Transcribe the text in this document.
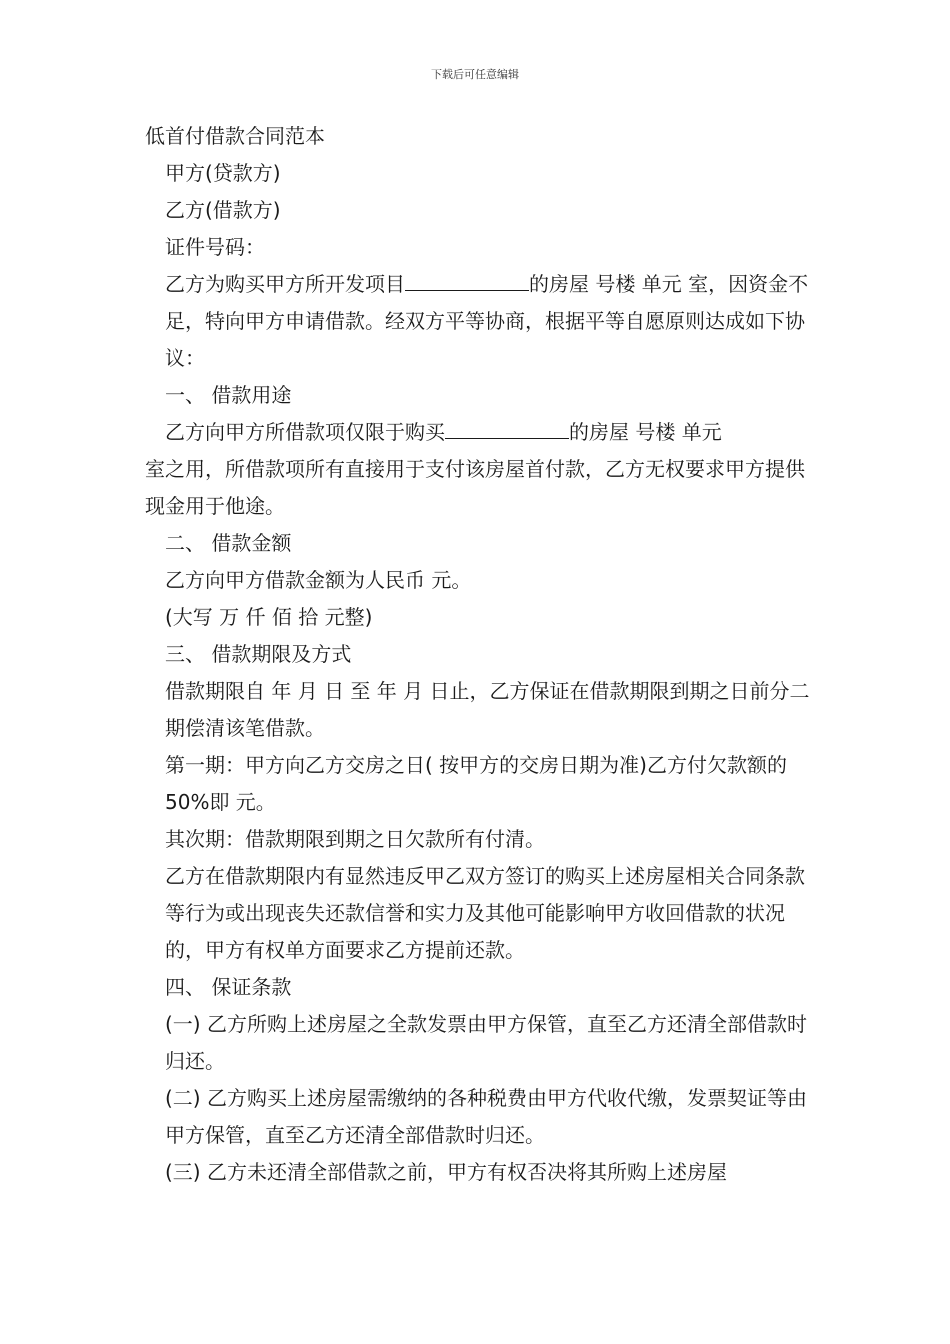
下载后可任意编辑

低首付借款合同范本

甲方(贷款方)

乙方(借款方)

证件号码：

乙方为购买甲方所开发项目	的房屋 号楼 单元 室，因资金不足，特向甲方申请借款。经双方平等协商，根据平等自愿原则达成如下协议：

一、 借款用途

乙方向甲方所借款项仅限于购买	的房屋 号楼 单元

室之用，所借款项所有直接用于支付该房屋首付款，乙方无权要求甲方提供现金用于他途。

二、 借款金额

乙方向甲方借款金额为人民币 元。

(大写 万 仟 佰 拾 元整)

三、 借款期限及方式

借款期限自 年 月 日 至 年 月 日止，乙方保证在借款期限到期之日前分二期偿清该笔借款。

第一期：甲方向乙方交房之日( 按甲方的交房日期为准)乙方付欠款额的 50%即 元。

其次期：借款期限到期之日欠款所有付清。

乙方在借款期限内有显然违反甲乙双方签订的购买上述房屋相关合同条款等行为或出现丧失还款信誉和实力及其他可能影响甲方收回借款的状况的，甲方有权单方面要求乙方提前还款。

四、 保证条款

(一) 乙方所购上述房屋之全款发票由甲方保管，直至乙方还清全部借款时归还。

(二) 乙方购买上述房屋需缴纳的各种税费由甲方代收代缴，发票契证等由甲方保管，直至乙方还清全部借款时归还。

(三) 乙方未还清全部借款之前，甲方有权否决将其所购上述房屋
